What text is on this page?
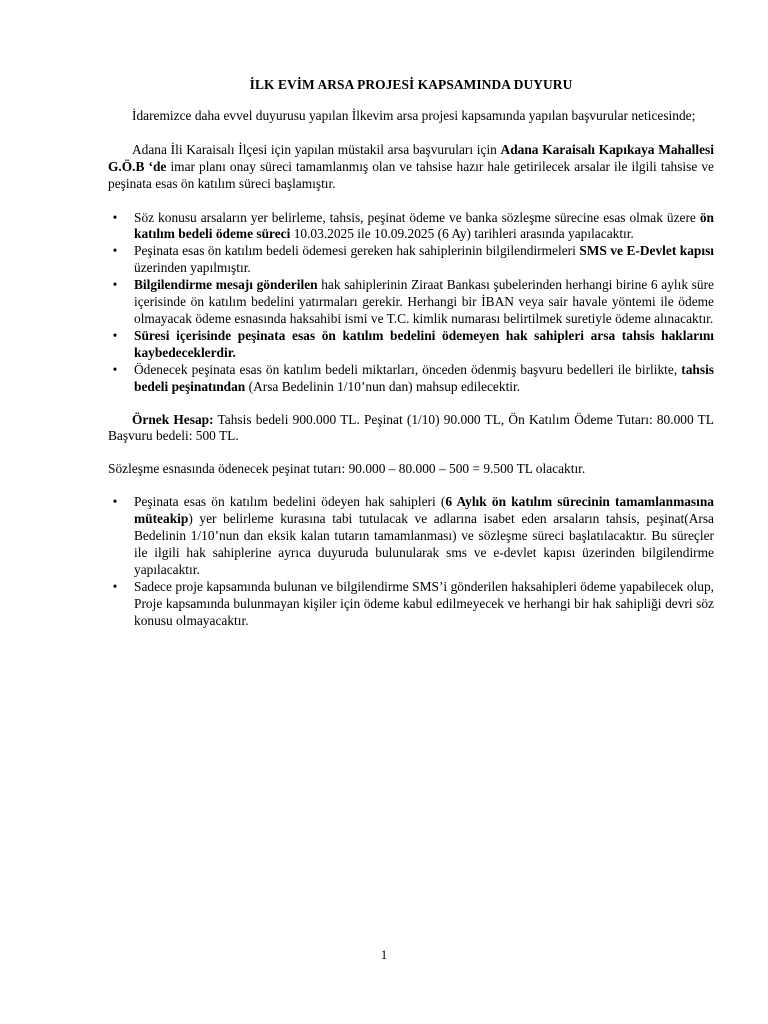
İLK EVİM ARSA PROJESİ KAPSAMINDA DUYURU

İdaremizce daha evvel duyurusu yapılan İlkevim arsa projesi kapsamında yapılan başvurular neticesinde;

Adana İli Karaisalı İlçesi için yapılan müstakil arsa başvuruları için Adana Karaisalı Kapıkaya Mahallesi G.Ö.B ‘de imar planı onay süreci tamamlanmış olan ve tahsise hazır hale getirilecek arsalar ile ilgili tahsise ve peşinata esas ön katılım süreci başlamıştır.

• Söz konusu arsaların yer belirleme, tahsis, peşinat ödeme ve banka sözleşme sürecine esas olmak üzere ön katılım bedeli ödeme süreci 10.03.2025 ile 10.09.2025 (6 Ay) tarihleri arasında yapılacaktır.
• Peşinata esas ön katılım bedeli ödemesi gereken hak sahiplerinin bilgilendirmeleri SMS ve E-Devlet kapısı üzerinden yapılmıştır.
• Bilgilendirme mesajı gönderilen hak sahiplerinin Ziraat Bankası şubelerinden herhangi birine 6 aylık süre içerisinde ön katılım bedelini yatırmaları gerekir. Herhangi bir İBAN veya sair havale yöntemi ile ödeme olmayacak ödeme esnasında haksahibi ismi ve T.C. kimlik numarası belirtilmek suretiyle ödeme alınacaktır.
• Süresi içerisinde peşinata esas ön katılım bedelini ödemeyen hak sahipleri arsa tahsis haklarını kaybedeceklerdir.
• Ödenecek peşinata esas ön katılım bedeli miktarları, önceden ödenmiş başvuru bedelleri ile birlikte, tahsis bedeli peşinatından (Arsa Bedelinin 1/10’nun dan) mahsup edilecektir.

Örnek Hesap: Tahsis bedeli 900.000 TL. Peşinat (1/10) 90.000 TL, Ön Katılım Ödeme Tutarı: 80.000 TL Başvuru bedeli: 500 TL.

Sözleşme esnasında ödenecek peşinat tutarı: 90.000 – 80.000 – 500 = 9.500 TL olacaktır.

• Peşinata esas ön katılım bedelini ödeyen hak sahipleri (6 Aylık ön katılım sürecinin tamamlanmasına müteakip) yer belirleme kurasına tabi tutulacak ve adlarına isabet eden arsaların tahsis, peşinat(Arsa Bedelinin 1/10’nun dan eksik kalan tutarın tamamlanması) ve sözleşme süreci başlatılacaktır. Bu süreçler ile ilgili hak sahiplerine ayrıca duyuruda bulunularak sms ve e-devlet kapısı üzerinden bilgilendirme yapılacaktır.
• Sadece proje kapsamında bulunan ve bilgilendirme SMS’i gönderilen haksahipleri ödeme yapabilecek olup, Proje kapsamında bulunmayan kişiler için ödeme kabul edilmeyecek ve herhangi bir hak sahipliği devri söz konusu olmayacaktır.
1
